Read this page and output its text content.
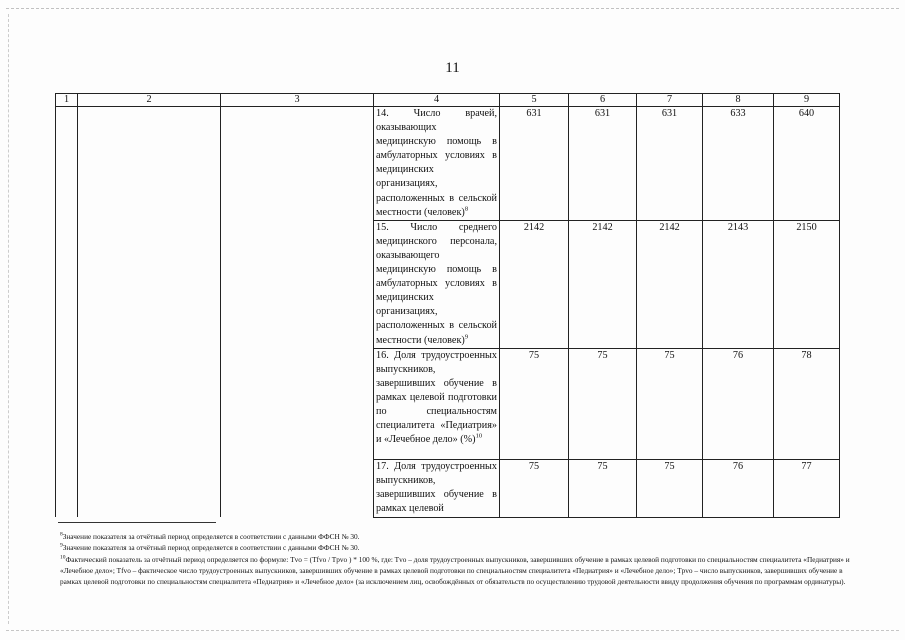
11
1	2	3	4	5	6	7	8	9
			14. Число врачей, оказывающих медицинскую помощь в амбулаторных условиях в медицинских организациях, расположенных в сельской местности (человек)$^8$	631	631	631	633	640
			15. Число среднего медицинского персонала, оказывающего медицинскую помощь в амбулаторных условиях в медицинских организациях, расположенных в сельской местности (человек)$^9$	2142	2142	2142	2143	2150
			16. Доля трудоустроенных выпускников, завершивших обучение в рамках целевой подготовки по специальностям специалитета «Педиатрия» и «Лечебное дело» (%)$^{10}$	75	75	75	76	78
			17. Доля трудоустроенных выпускников, завершивших обучение в рамках целевой	75	75	75	76	77

$^8$Значение показателя за отчётный период определяется в соответствии с данными ФФСН № 30.

$^9$Значение показателя за отчётный период определяется в соответствии с данными ФФСН № 30.

$^{10}$Фактический показатель за отчётный период определяется по формуле: Tvo = (Tfvo / Tpvo ) * 100 %, где: Tvo – доля трудоустроенных выпускников, завершивших обучение в рамках целевой подготовки по специальностям специалитета «Педиатрия» и «Лечебное дело»; Tfvo – фактическое число трудоустроенных выпускников, завершивших обучение в рамках целевой подготовки по специальностям специалитета «Педиатрия» и «Лечебное дело»; Tpvo – число выпускников, завершивших обучение в рамках целевой подготовки по специальностям специалитета «Педиатрия» и «Лечебное дело» (за исключением лиц, освобождённых от обязательств по осуществлению трудовой деятельности ввиду продолжения обучения по программам ординатуры).
